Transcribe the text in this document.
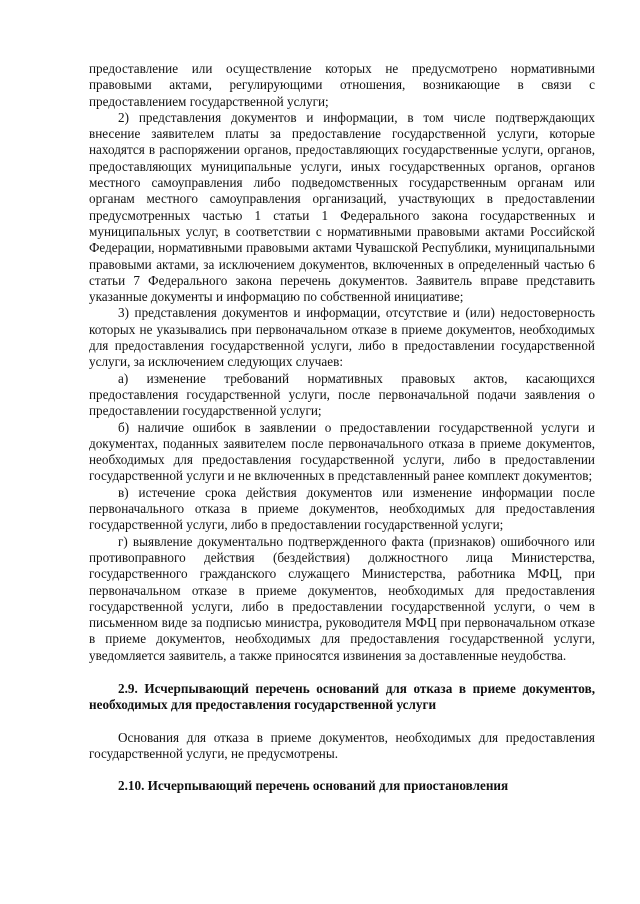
предоставление или осуществление которых не предусмотрено нормативными правовыми актами, регулирующими отношения, возникающие в связи с предоставлением государственной услуги;

2) представления документов и информации, в том числе подтверждающих внесение заявителем платы за предоставление государственной услуги, которые находятся в распоряжении органов, предоставляющих государственные услуги, органов, предоставляющих муниципальные услуги, иных государственных органов, органов местного самоуправления либо подведомственных государственным органам или органам местного самоуправления организаций, участвующих в предоставлении предусмотренных частью 1 статьи 1 Федерального закона государственных и муниципальных услуг, в соответствии с нормативными правовыми актами Российской Федерации, нормативными правовыми актами Чувашской Республики, муниципальными правовыми актами, за исключением документов, включенных в определенный частью 6 статьи 7 Федерального закона перечень документов. Заявитель вправе представить указанные документы и информацию по собственной инициативе;

3) представления документов и информации, отсутствие и (или) недостоверность которых не указывались при первоначальном отказе в приеме документов, необходимых для предоставления государственной услуги, либо в предоставлении государственной услуги, за исключением следующих случаев:

а) изменение требований нормативных правовых актов, касающихся предоставления государственной услуги, после первоначальной подачи заявления о предоставлении государственной услуги;

б) наличие ошибок в заявлении о предоставлении государственной услуги и документах, поданных заявителем после первоначального отказа в приеме документов, необходимых для предоставления государственной услуги, либо в предоставлении государственной услуги и не включенных в представленный ранее комплект документов;

в) истечение срока действия документов или изменение информации после первоначального отказа в приеме документов, необходимых для предоставления государственной услуги, либо в предоставлении государственной услуги;

г) выявление документально подтвержденного факта (признаков) ошибочного или противоправного действия (бездействия) должностного лица Министерства, государственного гражданского служащего Министерства, работника МФЦ, при первоначальном отказе в приеме документов, необходимых для предоставления государственной услуги, либо в предоставлении государственной услуги, о чем в письменном виде за подписью министра, руководителя МФЦ при первоначальном отказе в приеме документов, необходимых для предоставления государственной услуги, уведомляется заявитель, а также приносятся извинения за доставленные неудобства.

2.9. Исчерпывающий перечень оснований для отказа в приеме документов, необходимых для предоставления государственной услуги

Основания для отказа в приеме документов, необходимых для предоставления государственной услуги, не предусмотрены.

2.10. Исчерпывающий перечень оснований для приостановления
